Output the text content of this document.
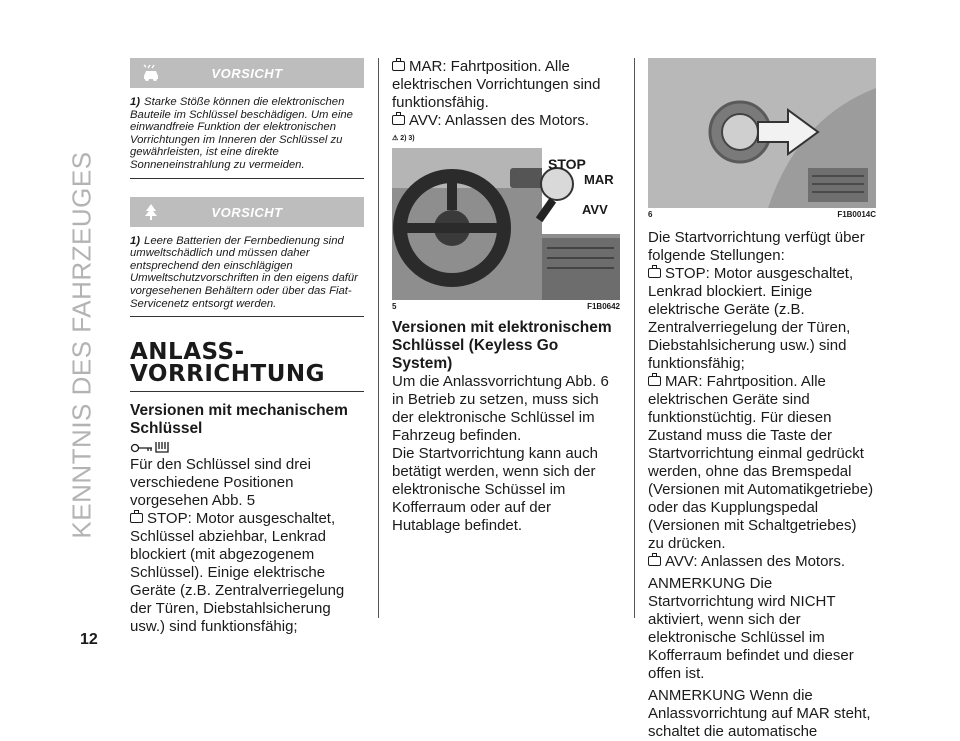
KENNTNIS DES FAHRZEUGES
12
VORSICHT
1) Starke Stöße können die elektronischen Bauteile im Schlüssel beschädigen. Um eine einwandfreie Funktion der elektronischen Vorrichtungen im Inneren der Schlüssel zu gewährleisten, ist eine direkte Sonneneinstrahlung zu vermeiden.
VORSICHT
1) Leere Batterien der Fernbedienung sind umweltschädlich und müssen daher entsprechend den einschlägigen Umweltschutzvorschriften in den eigens dafür vorgesehenen Behältern oder über das Fiat-Servicenetz entsorgt werden.
ANLASS-
VORRICHTUNG
Versionen mit mechanischem Schlüssel

Für den Schlüssel sind drei verschiedene Positionen vorgesehen Abb. 5

STOP: Motor ausgeschaltet, Schlüssel abziehbar, Lenkrad blockiert (mit abgezogenem Schlüssel). Einige elektrische Geräte (z.B. Zentralverriegelung der Türen, Diebstahlsicherung usw.) sind funktionsfähig;

MAR: Fahrtposition. Alle elektrischen Vorrichtungen sind funktionsfähig.

AVV: Anlassen des Motors.

⚠ 2) 3)
STOP
MAR
AVV
5	F1B0642
Versionen mit elektronischem Schlüssel (Keyless Go System)

Um die Anlassvorrichtung Abb. 6 in Betrieb zu setzen, muss sich der elektronische Schlüssel im Fahrzeug befinden.

Die Startvorrichtung kann auch betätigt werden, wenn sich der elektronische Schüssel im Kofferraum oder auf der Hutablage befindet.

6	F1B0014C

Die Startvorrichtung verfügt über folgende Stellungen:

STOP: Motor ausgeschaltet, Lenkrad blockiert. Einige elektrische Geräte (z.B. Zentralverriegelung der Türen, Diebstahlsicherung usw.) sind funktionsfähig;

MAR: Fahrtposition. Alle elektrischen Geräte sind funktionstüchtig. Für diesen Zustand muss die Taste der Startvorrichtung einmal gedrückt werden, ohne das Bremspedal (Versionen mit Automatikgetriebe) oder das Kupplungspedal (Versionen mit Schaltgetriebes) zu drücken.

AVV: Anlassen des Motors.

ANMERKUNG Die Startvorrichtung wird NICHT aktiviert, wenn sich der elektronische Schlüssel im Kofferraum befindet und dieser offen ist.

ANMERKUNG Wenn die Anlassvorrichtung auf MAR steht, schaltet die automatische
